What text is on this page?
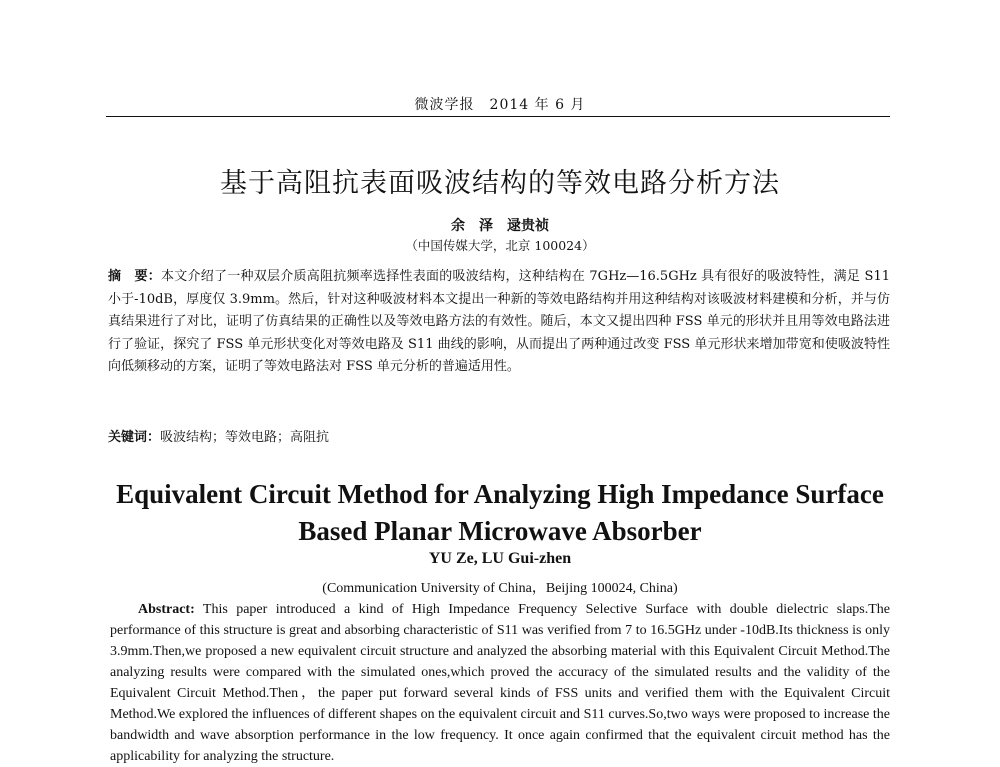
微波学报　2014 年 6 月
基于高阻抗表面吸波结构的等效电路分析方法
余　泽　逯贵祯
（中国传媒大学，北京 100024）
摘　要：本文介绍了一种双层介质高阻抗频率选择性表面的吸波结构，这种结构在 7GHz—16.5GHz 具有很好的吸波特性，满足 S11 小于-10dB，厚度仅 3.9mm。然后，针对这种吸波材料本文提出一种新的等效电路结构并用这种结构对该吸波材料建模和分析，并与仿真结果进行了对比，证明了仿真结果的正确性以及等效电路方法的有效性。随后，本文又提出四种 FSS 单元的形状并且用等效电路法进行了验证，探究了 FSS 单元形状变化对等效电路及 S11 曲线的影响，从而提出了两种通过改变 FSS 单元形状来增加带宽和使吸波特性向低频移动的方案，证明了等效电路法对 FSS 单元分析的普遍适用性。
关键词：吸波结构；等效电路；高阻抗
Equivalent Circuit Method for Analyzing High Impedance Surface
Based Planar Microwave Absorber
YU Ze, LU Gui-zhen
(Communication University of China，Beijing 100024, China)
Abstract: This paper introduced a kind of High Impedance Frequency Selective Surface with double dielectric slaps.The performance of this structure is great and absorbing characteristic of S11 was verified from 7 to 16.5GHz under -10dB.Its thickness is only 3.9mm.Then,we proposed a new equivalent circuit structure and analyzed the absorbing material with this Equivalent Circuit Method.The analyzing results were compared with the simulated ones,which proved the accuracy of the simulated results and the validity of the Equivalent Circuit Method.Then，the paper put forward several kinds of FSS units and verified them with the Equivalent Circuit Method.We explored the influences of different shapes on the equivalent circuit and S11 curves.So,two ways were proposed to increase the bandwidth and wave absorption performance in the low frequency. It once again confirmed that the equivalent circuit method has the applicability for analyzing the structure.
